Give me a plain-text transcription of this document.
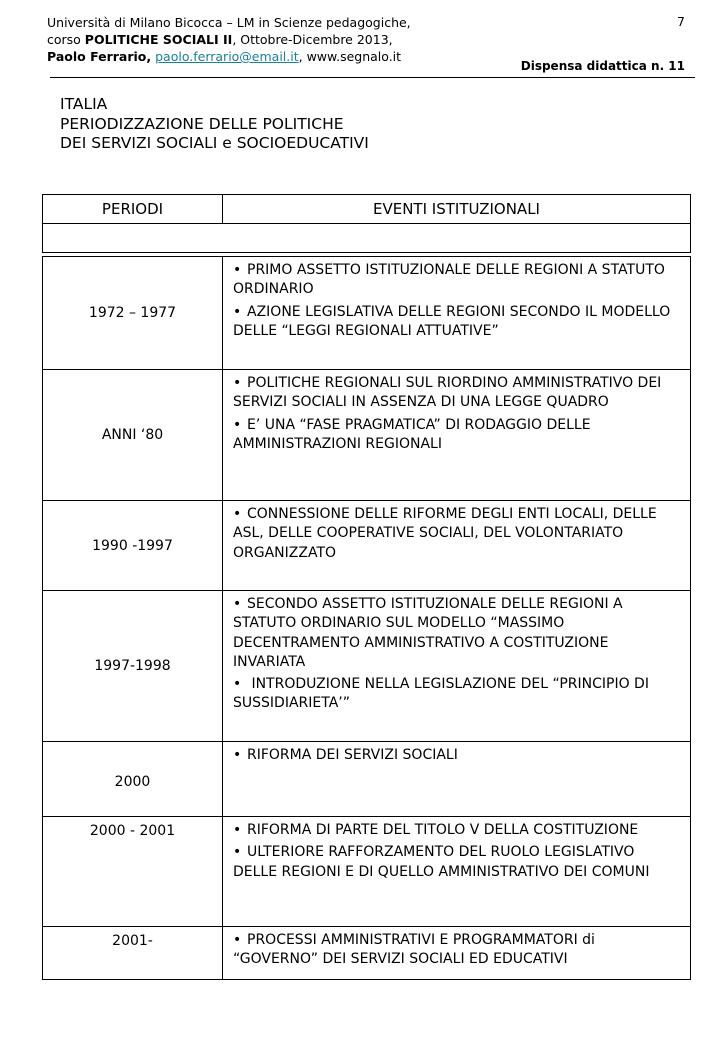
Università di Milano Bicocca – LM in Scienze pedagogiche,
corso POLITICHE SOCIALI II, Ottobre-Dicembre 2013,
Paolo Ferrario, paolo.ferrario@email.it, www.segnalo.it
7
Dispensa didattica n. 11
ITALIA
PERIODIZZAZIONE DELLE POLITICHE
DEI SERVIZI SOCIALI e SOCIOEDUCATIVI
PERIODI	EVENTI ISTITUZIONALI

1972 – 1977	• PRIMO ASSETTO ISTITUZIONALE DELLE REGIONI A STATUTO ORDINARIO
• AZIONE LEGISLATIVA DELLE REGIONI SECONDO IL MODELLO DELLE “LEGGI REGIONALI ATTUATIVE”

ANNI ‘80	• POLITICHE REGIONALI SUL RIORDINO AMMINISTRATIVO DEI SERVIZI SOCIALI IN ASSENZA DI UNA LEGGE QUADRO
• E’ UNA “FASE PRAGMATICA” DI RODAGGIO DELLE AMMINISTRAZIONI REGIONALI

1990 -1997	• CONNESSIONE DELLE RIFORME DEGLI ENTI LOCALI, DELLE ASL, DELLE COOPERATIVE SOCIALI, DEL VOLONTARIATO ORGANIZZATO

1997-1998	• SECONDO ASSETTO ISTITUZIONALE DELLE REGIONI A STATUTO ORDINARIO SUL MODELLO “MASSIMO DECENTRAMENTO AMMINISTRATIVO A COSTITUZIONE INVARIATA
• INTRODUZIONE NELLA LEGISLAZIONE DEL “PRINCIPIO DI SUSSIDIARIETA’”

2000	• RIFORMA DEI SERVIZI SOCIALI

2000 - 2001	• RIFORMA DI PARTE DEL TITOLO V DELLA COSTITUZIONE
• ULTERIORE RAFFORZAMENTO DEL RUOLO LEGISLATIVO DELLE REGIONI E DI QUELLO AMMINISTRATIVO DEI COMUNI

2001-	• PROCESSI AMMINISTRATIVI E PROGRAMMATORI di “GOVERNO” DEI SERVIZI SOCIALI ED EDUCATIVI
